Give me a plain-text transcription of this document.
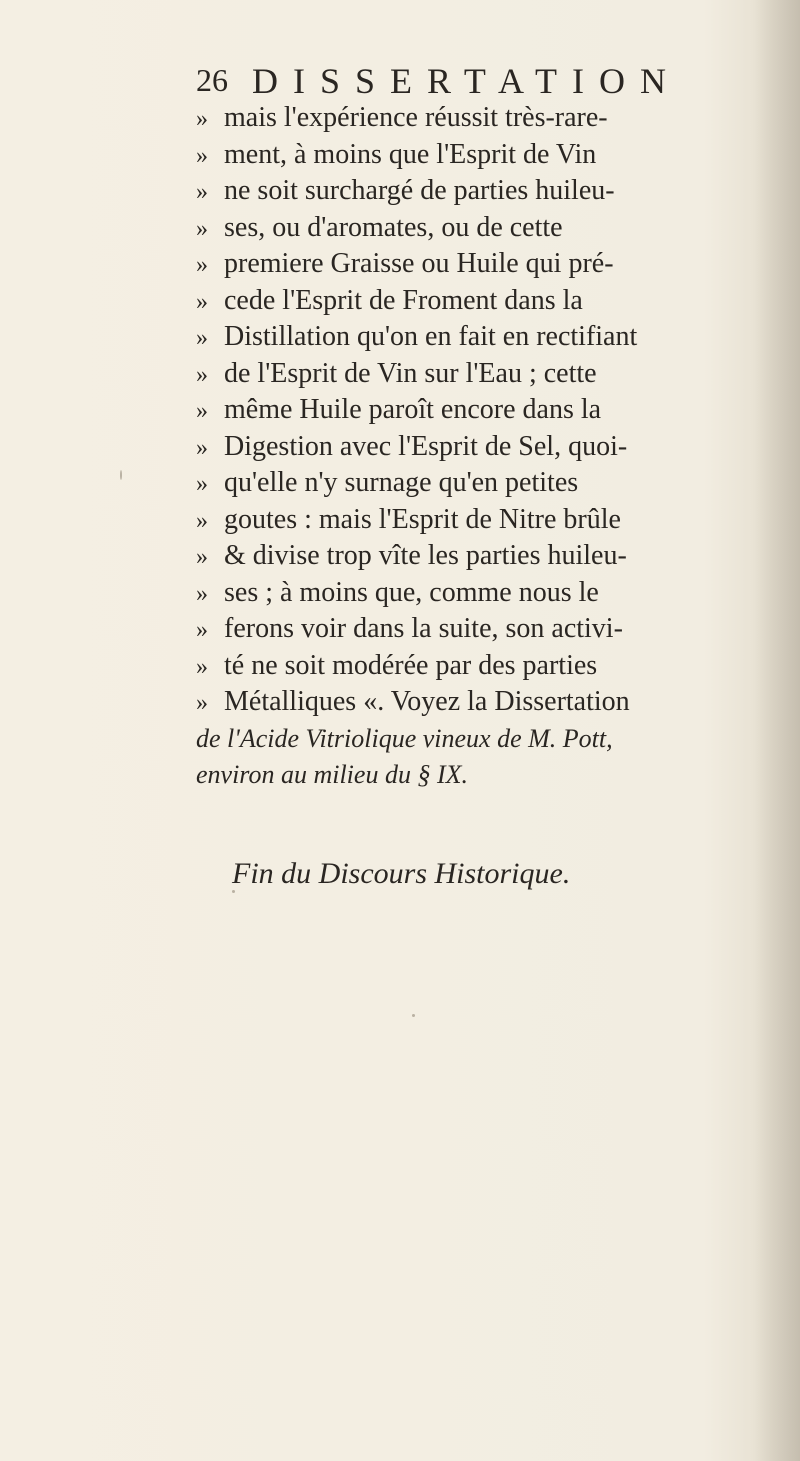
26 DISSERTATION
» mais l'expérience réussit très-rare-
» ment, à moins que l'Esprit de Vin
» ne soit surchargé de parties huileu-
» ses, ou d'aromates, ou de cette
» premiere Graisse ou Huile qui pré-
» cede l'Esprit de Froment dans la
» Distillation qu'on en fait en rectifiant
» de l'Esprit de Vin sur l'Eau ; cette
» même Huile paroît encore dans la
» Digestion avec l'Esprit de Sel, quoi-
» qu'elle n'y surnage qu'en petites
» goutes : mais l'Esprit de Nitre brûle
» & divise trop vîte les parties huileu-
» ses ; à moins que, comme nous le
» ferons voir dans la suite, son activi-
» té ne soit modérée par des parties
» Métalliques «. Voyez la Dissertation
de l'Acide Vitriolique vineux de M. Pott,
environ au milieu du § IX.
Fin du Discours Historique.
